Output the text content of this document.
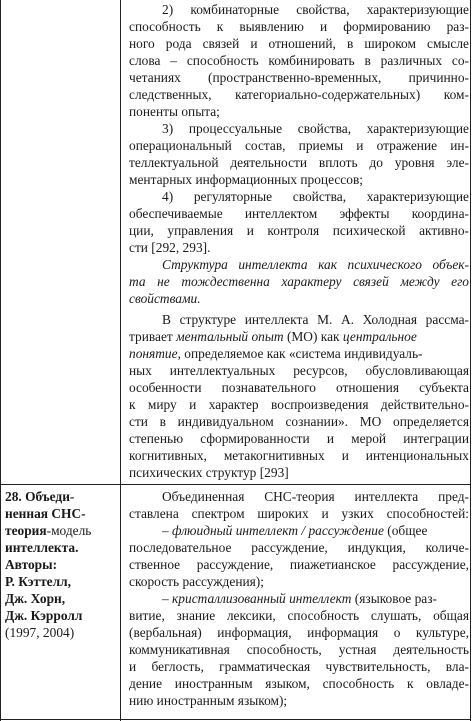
2) комбинаторные свойства, характеризующие
способность к выявлению и формированию раз-
ного рода связей и отношений, в широком смысле
слова – способность комбинировать в различных со-
четаниях (пространственно-временных, причинно-
следственных, категориально-содержательных) ком-
поненты опыта;
3) процессуальные свойства, характеризующие
операциональный состав, приемы и отражение ин-
теллектуальной деятельности вплоть до уровня эле-
ментарных информационных процессов;
4) регуляторные свойства, характеризующие
обеспечиваемые интеллектом эффекты координа-
ции, управления и контроля психической активно-
сти [292, 293].
Структура интеллекта как психического объек-
та не тождественна характеру связей между его
свойствами.
В структуре интеллекта М. А. Холодная рассма-
тривает ментальный опыт (МО) как центральное
понятие, определяемое как «система индивидуаль-
ных интеллектуальных ресурсов, обусловливающая
особенности познавательного отношения субъекта
к миру и характер воспроизведения действительно-
сти в индивидуальном сознании». МО определяется
степенью сформированности и мерой интеграции
когнитивных, метакогнитивных и интенциональных
психических структур [293]
28. Объеди-
ненная СНС-
теория-модель
интеллекта.
Авторы:
Р. Кэттелл,
Дж. Хорн,
Дж. Кэрролл
(1997, 2004)
Объединенная СНС-теория интеллекта пред-
ставлена спектром широких и узких способностей:
– флюидный интеллект / рассуждение (общее
последовательное рассуждение, индукция, количе-
ственное рассуждение, пиажетианское рассуждение,
скорость рассуждения);
– кристаллизованный интеллект (языковое раз-
витие, знание лексики, способность слушать, общая
(вербальная) информация, информация о культуре,
коммуникативная способность, устная деятельность
и беглость, грамматическая чувствительность, вла-
дение иностранным языком, способность к овладе-
нию иностранным языком);
